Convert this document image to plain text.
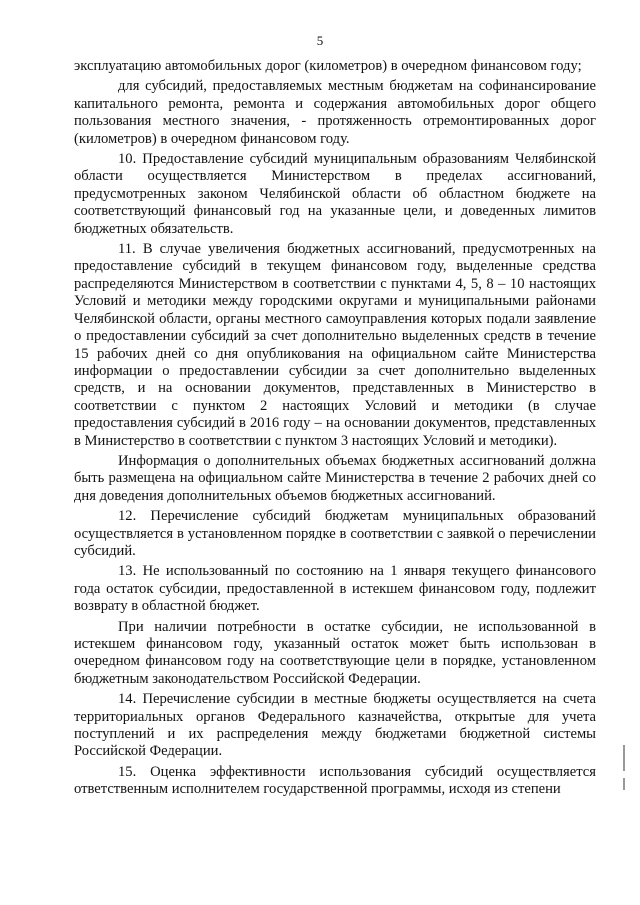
5

эксплуатацию автомобильных дорог (километров) в очередном финансовом году;

для субсидий, предоставляемых местным бюджетам на софинансирование капитального ремонта, ремонта и содержания автомобильных дорог общего пользования местного значения, - протяженность отремонтированных дорог (километров) в очередном финансовом году.

10. Предоставление субсидий муниципальным образованиям Челябинской области осуществляется Министерством в пределах ассигнований, предусмотренных законом Челябинской области об областном бюджете на соответствующий финансовый год на указанные цели, и доведенных лимитов бюджетных обязательств.

11. В случае увеличения бюджетных ассигнований, предусмотренных на предоставление субсидий в текущем финансовом году, выделенные средства распределяются Министерством в соответствии с пунктами 4, 5, 8 – 10 настоящих Условий и методики между городскими округами и муниципальными районами Челябинской области, органы местного самоуправления которых подали заявление о предоставлении субсидий за счет дополнительно выделенных средств в течение 15 рабочих дней со дня опубликования на официальном сайте Министерства информации о предоставлении субсидии за счет дополнительно выделенных средств, и на основании документов, представленных в Министерство в соответствии с пунктом 2 настоящих Условий и методики (в случае предоставления субсидий в 2016 году – на основании документов, представленных в Министерство в соответствии с пунктом 3 настоящих Условий и методики).

Информация о дополнительных объемах бюджетных ассигнований должна быть размещена на официальном сайте Министерства в течение 2 рабочих дней со дня доведения дополнительных объемов бюджетных ассигнований.

12. Перечисление субсидий бюджетам муниципальных образований осуществляется в установленном порядке в соответствии с заявкой о перечислении субсидий.

13. Не использованный по состоянию на 1 января текущего финансового года остаток субсидии, предоставленной в истекшем финансовом году, подлежит возврату в областной бюджет.

При наличии потребности в остатке субсидии, не использованной в истекшем финансовом году, указанный остаток может быть использован в очередном финансовом году на соответствующие цели в порядке, установленном бюджетным законодательством Российской Федерации.

14. Перечисление субсидии в местные бюджеты осуществляется на счета территориальных органов Федерального казначейства, открытые для учета поступлений и их распределения между бюджетами бюджетной системы Российской Федерации.

15. Оценка эффективности использования субсидий осуществляется ответственным исполнителем государственной программы, исходя из степени
